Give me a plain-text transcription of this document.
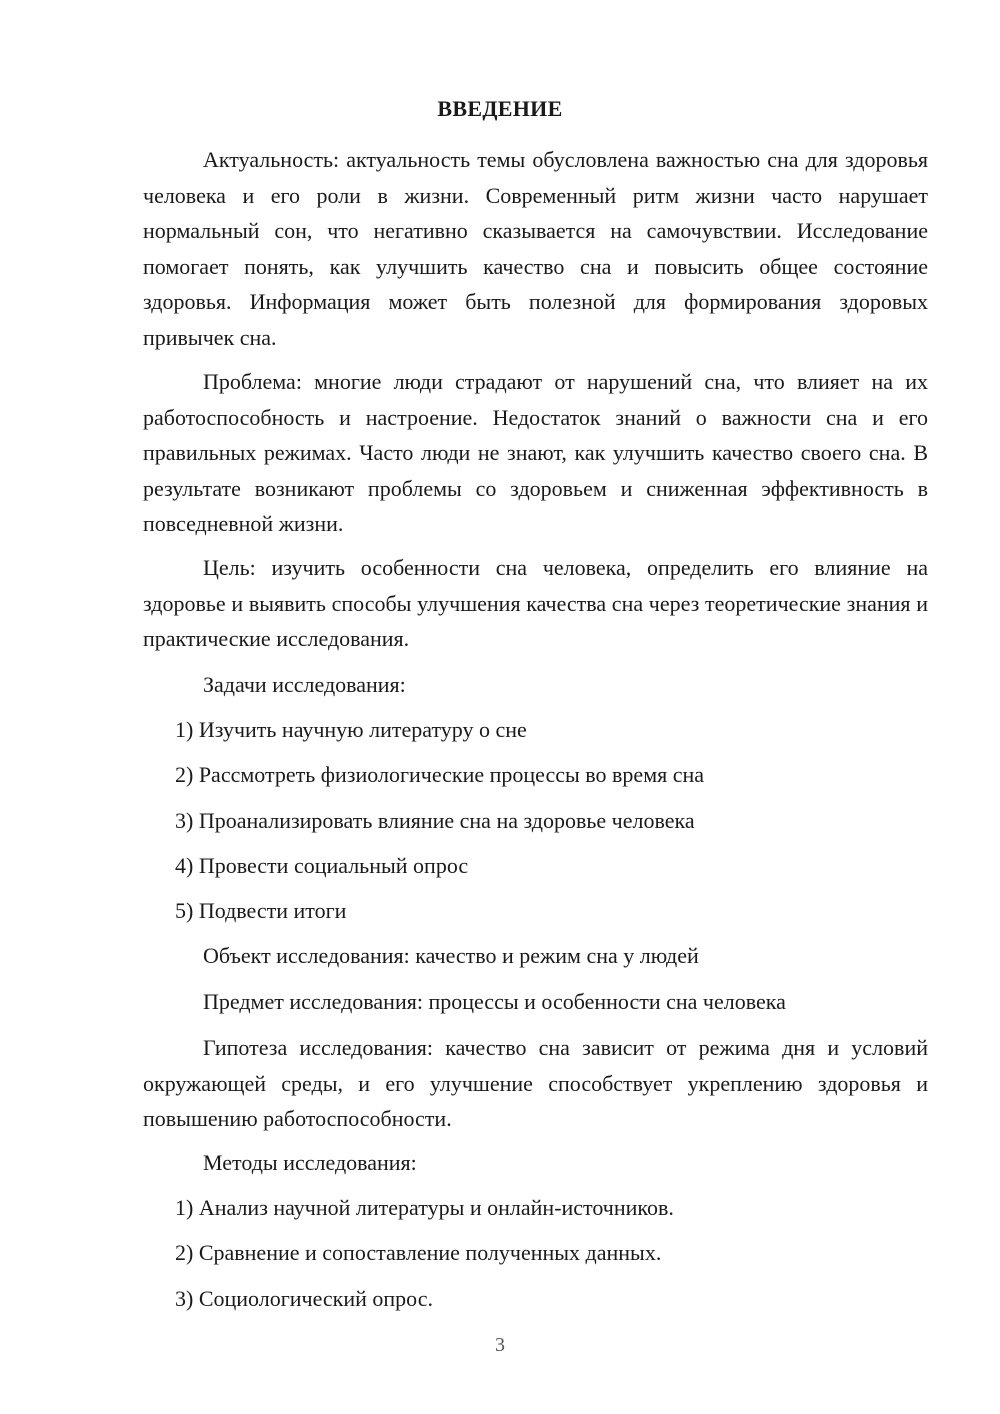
ВВЕДЕНИЕ
Актуальность: актуальность темы обусловлена важностью сна для здоровья человека и его роли в жизни. Современный ритм жизни часто нарушает нормальный сон, что негативно сказывается на самочувствии. Исследование помогает понять, как улучшить качество сна и повысить общее состояние здоровья. Информация может быть полезной для формирования здоровых привычек сна.
Проблема: многие люди страдают от нарушений сна, что влияет на их работоспособность и настроение. Недостаток знаний о важности сна и его правильных режимах. Часто люди не знают, как улучшить качество своего сна. В результате возникают проблемы со здоровьем и сниженная эффективность в повседневной жизни.
Цель: изучить особенности сна человека, определить его влияние на здоровье и выявить способы улучшения качества сна через теоретические знания и практические исследования.
Задачи исследования:
1) Изучить научную литературу о сне
2) Рассмотреть физиологические процессы во время сна
3) Проанализировать влияние сна на здоровье человека
4) Провести социальный опрос
5) Подвести итоги
Объект исследования: качество и режим сна у людей
Предмет исследования: процессы и особенности сна человека
Гипотеза исследования: качество сна зависит от режима дня и условий окружающей среды, и его улучшение способствует укреплению здоровья и повышению работоспособности.
Методы исследования:
1) Анализ научной литературы и онлайн-источников.
2) Сравнение и сопоставление полученных данных.
3) Социологический опрос.
3
